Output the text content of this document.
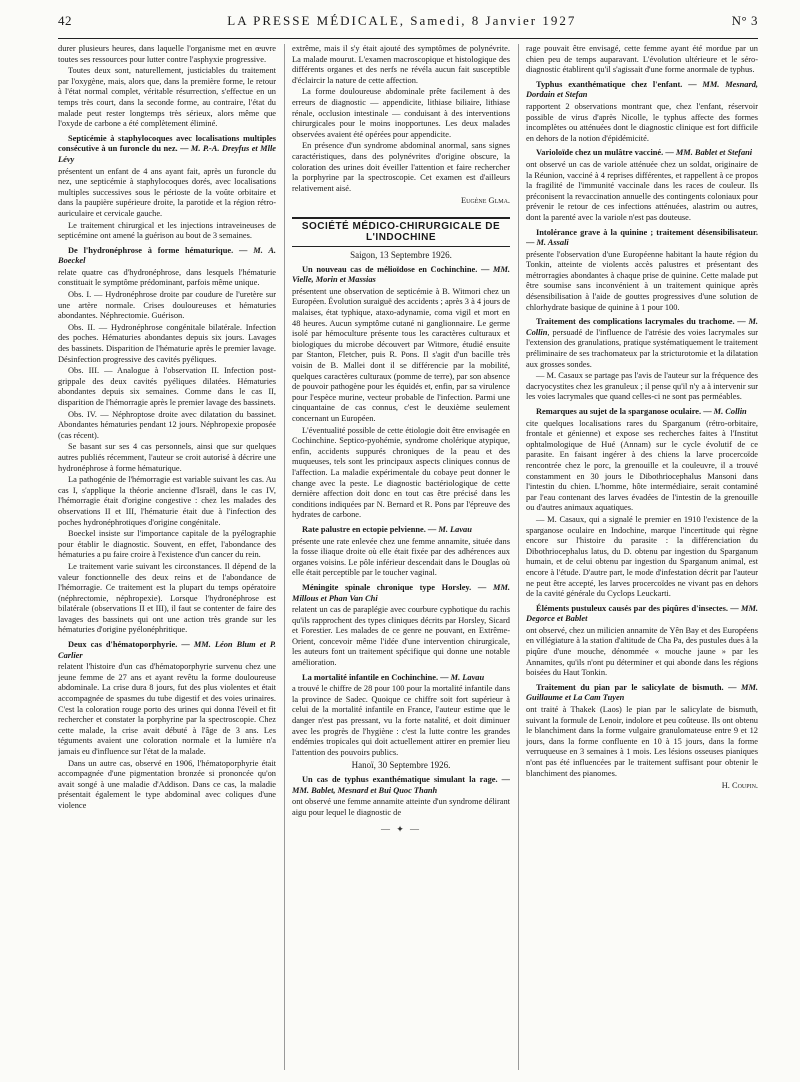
42	LA PRESSE MÉDICALE, Samedi, 8 Janvier 1927	N° 3

durer plusieurs heures, dans laquelle l'organisme met en œuvre toutes ses ressources pour lutter contre l'asphyxie progressive.

Toutes deux sont, naturellement, justiciables du traitement par l'oxygène, mais, alors que, dans la première forme, le retour à l'état normal complet, véritable résurrection, s'effectue en un temps très court, dans la seconde forme, au contraire, l'état du malade peut rester longtemps très sérieux, alors même que l'oxyde de carbone a été complètement éliminé.

Septicémie à staphylocoques avec localisations multiples consécutive à un furoncle du nez. — M. P.-A. Dreyfus et Mlle Lévy

présentent un enfant de 4 ans ayant fait, après un furoncle du nez, une septicémie à staphylocoques dorés, avec localisations multiples successives sous le périoste de la voûte orbitaire et dans la paupière supérieure droite, la parotide et la région rétro-auriculaire et cervicale gauche.

Le traitement chirurgical et les injections intraveineuses de septicémine ont amené la guérison au bout de 3 semaines.

De l'hydronéphrose à forme hématurique. — M. A. Boeckel

relate quatre cas d'hydronéphrose, dans lesquels l'hématurie constituait le symptôme prédominant, parfois même unique.

Obs. I. — Hydronéphrose droite par coudure de l'uretère sur une artère normale. Crises douloureuses et hématuries abondantes. Néphrectomie. Guérison.

Obs. II. — Hydronéphrose congénitale bilatérale. Infection des poches. Hématuries abondantes depuis six jours. Lavages des bassinets. Disparition de l'hématurie après le premier lavage. Désinfection progressive des cavités pyéliques.

Obs. III. — Analogue à l'observation II. Infection post-grippale des deux cavités pyéliques dilatées. Hématuries abondantes depuis six semaines. Comme dans le cas II, disparition de l'hémorragie après le premier lavage des bassinets.

Obs. IV. — Néphroptose droite avec dilatation du bassinet. Abondantes hématuries pendant 12 jours. Néphropexie proposée (cas récent).

Se basant sur ses 4 cas personnels, ainsi que sur quelques autres publiés récemment, l'auteur se croit autorisé à décrire une hydronéphrose à forme hématurique.

La pathogénie de l'hémorragie est variable suivant les cas. Au cas I, s'applique la théorie ancienne d'Israël, dans le cas IV, l'hémorragie était d'origine congestive : chez les malades des observations II et III, l'hématurie était due à l'infection des poches hydronéphrotiques d'origine congénitale.

Boeckel insiste sur l'importance capitale de la pyélographie pour établir le diagnostic. Souvent, en effet, l'abondance des hématuries a pu faire croire à l'existence d'un cancer du rein.

Le traitement varie suivant les circonstances. Il dépend de la valeur fonctionnelle des deux reins et de l'abondance de l'hémorragie. Ce traitement est la plupart du temps opératoire (néphrectomie, néphropexie). Lorsque l'hydronéphrose est bilatérale (observations II et III), il faut se contenter de faire des lavages des bassinets qui ont une action très grande sur les hématuries d'origine pyélonéphritique.

Deux cas d'hématoporphyrie. — MM. Léon Blum et P. Carlier

relatent l'histoire d'un cas d'hématoporphyrie survenu chez une jeune femme de 27 ans et ayant revêtu la forme douloureuse abdominale. La crise dura 8 jours, fut des plus violentes et était accompagnée de spasmes du tube digestif et des voies urinaires. C'est la coloration rouge porto des urines qui donna l'éveil et fit rechercher et constater la porphyrine par la spectroscopie. Chez cette malade, la crise avait débuté à l'âge de 3 ans. Les téguments avaient une coloration normale et la lumière n'a jamais eu d'influence sur l'état de la malade.

Dans un autre cas, observé en 1906, l'hématoporphyrie était accompagnée d'une pigmentation bronzée si prononcée qu'on avait songé à une maladie d'Addison. Dans ce cas, la maladie présentait également le type abdominal avec coliques d'une violence

extrême, mais il s'y était ajouté des symptômes de polynévrite. La malade mourut. L'examen macroscopique et histologique des différents organes et des nerfs ne révéla aucun fait susceptible d'éclaircir la nature de cette affection.

La forme douloureuse abdominale prête facilement à des erreurs de diagnostic — appendicite, lithiase biliaire, lithiase rénale, occlusion intestinale — conduisant à des interventions chirurgicales pour le moins inopportunes. Les deux malades observées avaient été opérées pour appendicite.

En présence d'un syndrome abdominal anormal, sans signes caractéristiques, dans des polynévrites d'origine obscure, la coloration des urines doit éveiller l'attention et faire rechercher la porphyrine par la spectroscopie. Cet examen est d'ailleurs relativement aisé.

Eugène Glma.

SOCIÉTÉ MÉDICO-CHIRURGICALE DE L'INDOCHINE

Saigon, 13 Septembre 1926.

Un nouveau cas de mélioïdose en Cochinchine. — MM. Vielle, Morin et Massias

présentent une observation de septicémie à B. Witmori chez un Européen. Évolution suraiguë des accidents ; après 3 à 4 jours de malaises, état typhique, ataxo-adynamie, coma vigil et mort en 48 heures. Aucun symptôme cutané ni ganglionnaire. Le germe isolé par hémoculture présente tous les caractères culturaux et biologiques du microbe découvert par Witmore, étudié ensuite par Stanton, Fletcher, puis R. Pons. Il s'agit d'un bacille très voisin de B. Mallei dont il se différencie par la mobilité, quelques caractères culturaux (pomme de terre), par son absence de pouvoir pathogène pour les équidés et, enfin, par sa virulence pour l'espèce murine, vecteur probable de l'infection. Parmi une cinquantaine de cas connus, c'est le deuxième seulement concernant un Européen.

L'éventualité possible de cette étiologie doit être envisagée en Cochinchine. Septico-pyohémie, syndrome cholérique atypique, enfin, accidents suppurés chroniques de la peau et des muqueuses, tels sont les principaux aspects cliniques connus de l'affection. La maladie expérimentale du cobaye peut donner le change avec la peste. Le diagnostic bactériologique de cette dernière affection doit donc en tout cas être précisé dans les conditions indiquées par N. Bernard et R. Pons par l'épreuve des hydrates de carbone.

Rate palustre en ectopie pelvienne. — M. Lavau

présente une rate enlevée chez une femme annamite, située dans la fosse iliaque droite où elle était fixée par des adhérences aux organes voisins. Le pôle inférieur descendait dans le Douglas où elle était perceptible par le toucher vaginal.

Méningite spinale chronique type Horsley. — MM. Millous et Phan Van Chi

relatent un cas de paraplégie avec courbure cyphotique du rachis qu'ils rapprochent des types cliniques décrits par Horsley, Sicard et Forestier. Les malades de ce genre ne pouvant, en Extrême-Orient, concevoir même l'idée d'une intervention chirurgicale, les auteurs font un traitement spécifique qui donne une notable amélioration.

La mortalité infantile en Cochinchine. — M. Lavau

a trouvé le chiffre de 28 pour 100 pour la mortalité infantile dans la province de Sadec. Quoique ce chiffre soit fort supérieur à celui de la mortalité infantile en France, l'auteur estime que le danger n'est pas pressant, vu la forte natalité, et doit diminuer avec les progrès de l'hygiène : c'est la lutte contre les grandes endémies tropicales qui doit actuellement attirer en premier lieu l'attention des pouvoirs publics.

Hanoï, 30 Septembre 1926.

Un cas de typhus exanthématique simulant la rage. — MM. Bablet, Mesnard et Bui Quoc Thanh

ont observé une femme annamite atteinte d'un syndrome délirant aigu pour lequel le diagnostic de

— ✦ —

rage pouvait être envisagé, cette femme ayant été mordue par un chien peu de temps auparavant. L'évolution ultérieure et le séro-diagnostic établirent qu'il s'agissait d'une forme anormale de typhus.

Typhus exanthématique chez l'enfant. — MM. Mesnard, Dordain et Stefan

rapportent 2 observations montrant que, chez l'enfant, réservoir possible de virus d'après Nicolle, le typhus affecte des formes incomplètes ou atténuées dont le diagnostic clinique est fort difficile en dehors de la notion d'épidémicité.

Varioloïde chez un mulâtre vacciné. — MM. Bablet et Stefani

ont observé un cas de variole atténuée chez un soldat, originaire de la Réunion, vacciné à 4 reprises différentes, et rappellent à ce propos la fragilité de l'immunité vaccinale dans les races de couleur. Ils préconisent la revaccination annuelle des contingents coloniaux pour prévenir le retour de ces infections atténuées, alastrim ou autres, dont la parenté avec la variole n'est pas douteuse.

Intolérance grave à la quinine ; traitement désensibilisateur. — M. Assali

présente l'observation d'une Européenne habitant la haute région du Tonkin, atteinte de violents accès palustres et présentant des métrorragies abondantes à chaque prise de quinine. Cette malade put être soumise sans inconvénient à un traitement quinique après désensibilisation à l'aide de gouttes progressives d'une solution de chlorhydrate basique de quinine à 1 pour 100.

Traitement des complications lacrymales du trachome. — M. Collin, persuadé de l'influence de l'atrésie des voies lacrymales sur l'extension des granulations, pratique systématiquement le traitement préliminaire de ses trachomateux par la stricturotomie et la dilatation aux grosses sondes.

— M. Casaux se partage pas l'avis de l'auteur sur la fréquence des dacryocystites chez les granuleux ; il pense qu'il n'y a à intervenir sur les voies lacrymales que quand celles-ci ne sont pas perméables.

Remarques au sujet de la sparganose oculaire. — M. Collin

cite quelques localisations rares du Sparganum (rétro-orbitaire, frontale et génienne) et expose ses recherches faites à l'Institut ophtalmologique de Hué (Annam) sur le cycle évolutif de ce parasite. En faisant ingérer à des chiens la larve procercoïde rencontrée chez le porc, la grenouille et la couleuvre, il a trouvé constamment en 30 jours le Dibothriocephalus Mansoni dans l'intestin du chien. L'homme, hôte intermédiaire, serait contaminé par l'eau contenant des larves évadées de l'intestin de la grenouille ou d'autres animaux aquatiques.

— M. Casaux, qui a signalé le premier en 1910 l'existence de la sparganose oculaire en Indochine, marque l'incertitude qui règne encore sur l'histoire du parasite : la différenciation du Dibothriocephalus latus, du D. obtenu par ingestion du Sparganum humain, et de celui obtenu par ingestion du Sparganum animal, est encore à l'étude. D'autre part, le mode d'infestation décrit par l'auteur ne peut être accepté, les larves procercoïdes ne vivant pas en dehors de la cavité générale du Cyclops Leuckarti.

Éléments pustuleux causés par des piqûres d'insectes. — MM. Degorce et Bablet

ont observé, chez un milicien annamite de Yên Bay et des Européens en villégiature à la station d'altitude de Cha Pa, des pustules dues à la piqûre d'une mouche, dénommée « mouche jaune » par les Annamites, qu'ils n'ont pu déterminer et qui abonde dans les régions boisées du Haut Tonkin.

Traitement du pian par le salicylate de bismuth. — MM. Guillaume et La Cam Tuyen

ont traité à Thakek (Laos) le pian par le salicylate de bismuth, suivant la formule de Lenoir, indolore et peu coûteuse. Ils ont obtenu le blanchiment dans la forme vulgaire granulomateuse entre 9 et 12 jours, dans la forme confluente en 10 à 15 jours, dans la forme verruqueuse en 3 semaines à 1 mois. Les lésions osseuses pianiques n'ont pas été influencées par le traitement suffisant pour obtenir le blanchiment des pianomes.

H. Coupin.
